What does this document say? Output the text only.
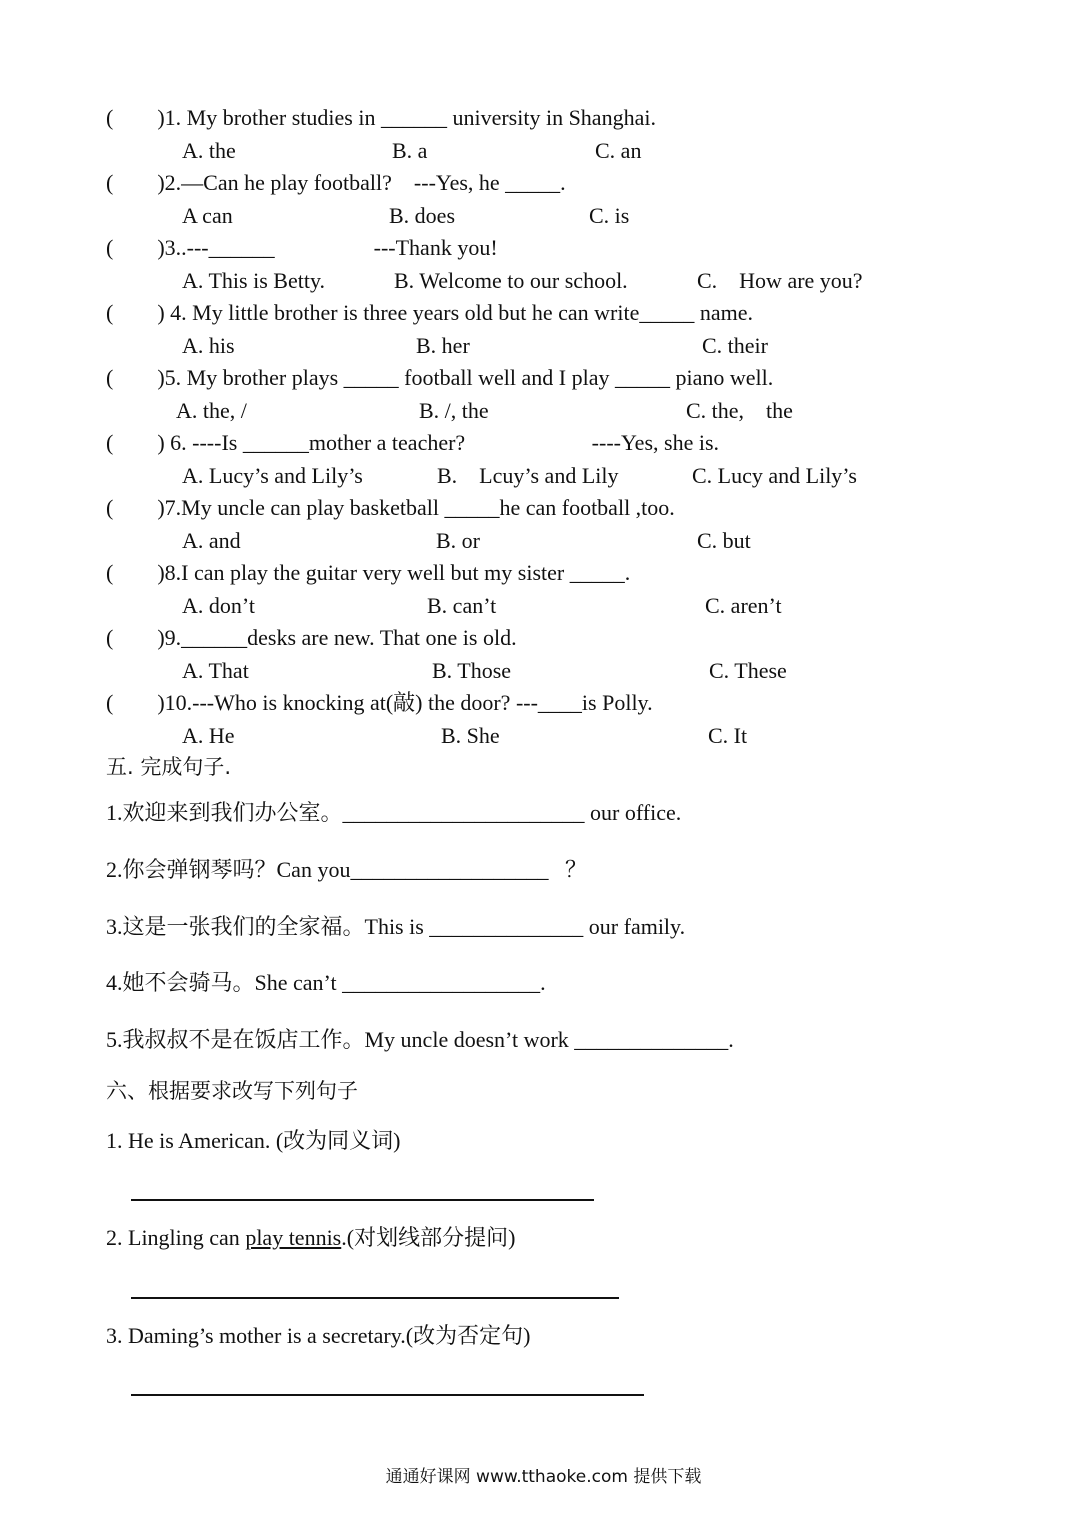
(        )1. My brother studies in ______ university in Shanghai.
A. the	B. a	C. an
(        )2.—Can he play football?    ---Yes, he _____.
A can	B. does	C. is
(        )3..---______                  ---Thank you!
A. This is Betty.	B. Welcome to our school.	C.    How are you?
(        ) 4. My little brother is three years old but he can write_____ name.
A. his	B. her	C. their
(        )5. My brother plays _____ football well and I play _____ piano well.
A. the, /	B. /, the	C. the,    the
(        ) 6. ----Is ______mother a teacher?                       ----Yes, she is.
A. Lucy’s and Lily’s	B.    Lcuy’s and Lily	C. Lucy and Lily’s
(        )7.My uncle can play basketball _____he can football ,too.
A. and	B. or	C. but
(        )8.I can play the guitar very well but my sister _____.
A. don’t	B. can’t	C. aren’t
(        )9.______desks are new. That one is old.
A. That	B. Those	C. These
(        )10.---Who is knocking at(敲) the door? ---____is Polly.
A. He	B. She	C. It
五. 完成句子.
1.欢迎来到我们办公室。______________________ our office.
2.你会弹钢琴吗？Can you__________________   ？
3.这是一张我们的全家福。This is ______________ our family.
4.她不会骑马。She can’t __________________.
5.我叔叔不是在饭店工作。My uncle doesn’t work ______________.
六、根据要求改写下列句子
1. He is American. (改为同义词)
2. Lingling can play tennis.(对划线部分提问)
3. Daming’s mother is a secretary.(改为否定句)
通通好课网 www.tthaoke.com 提供下载
